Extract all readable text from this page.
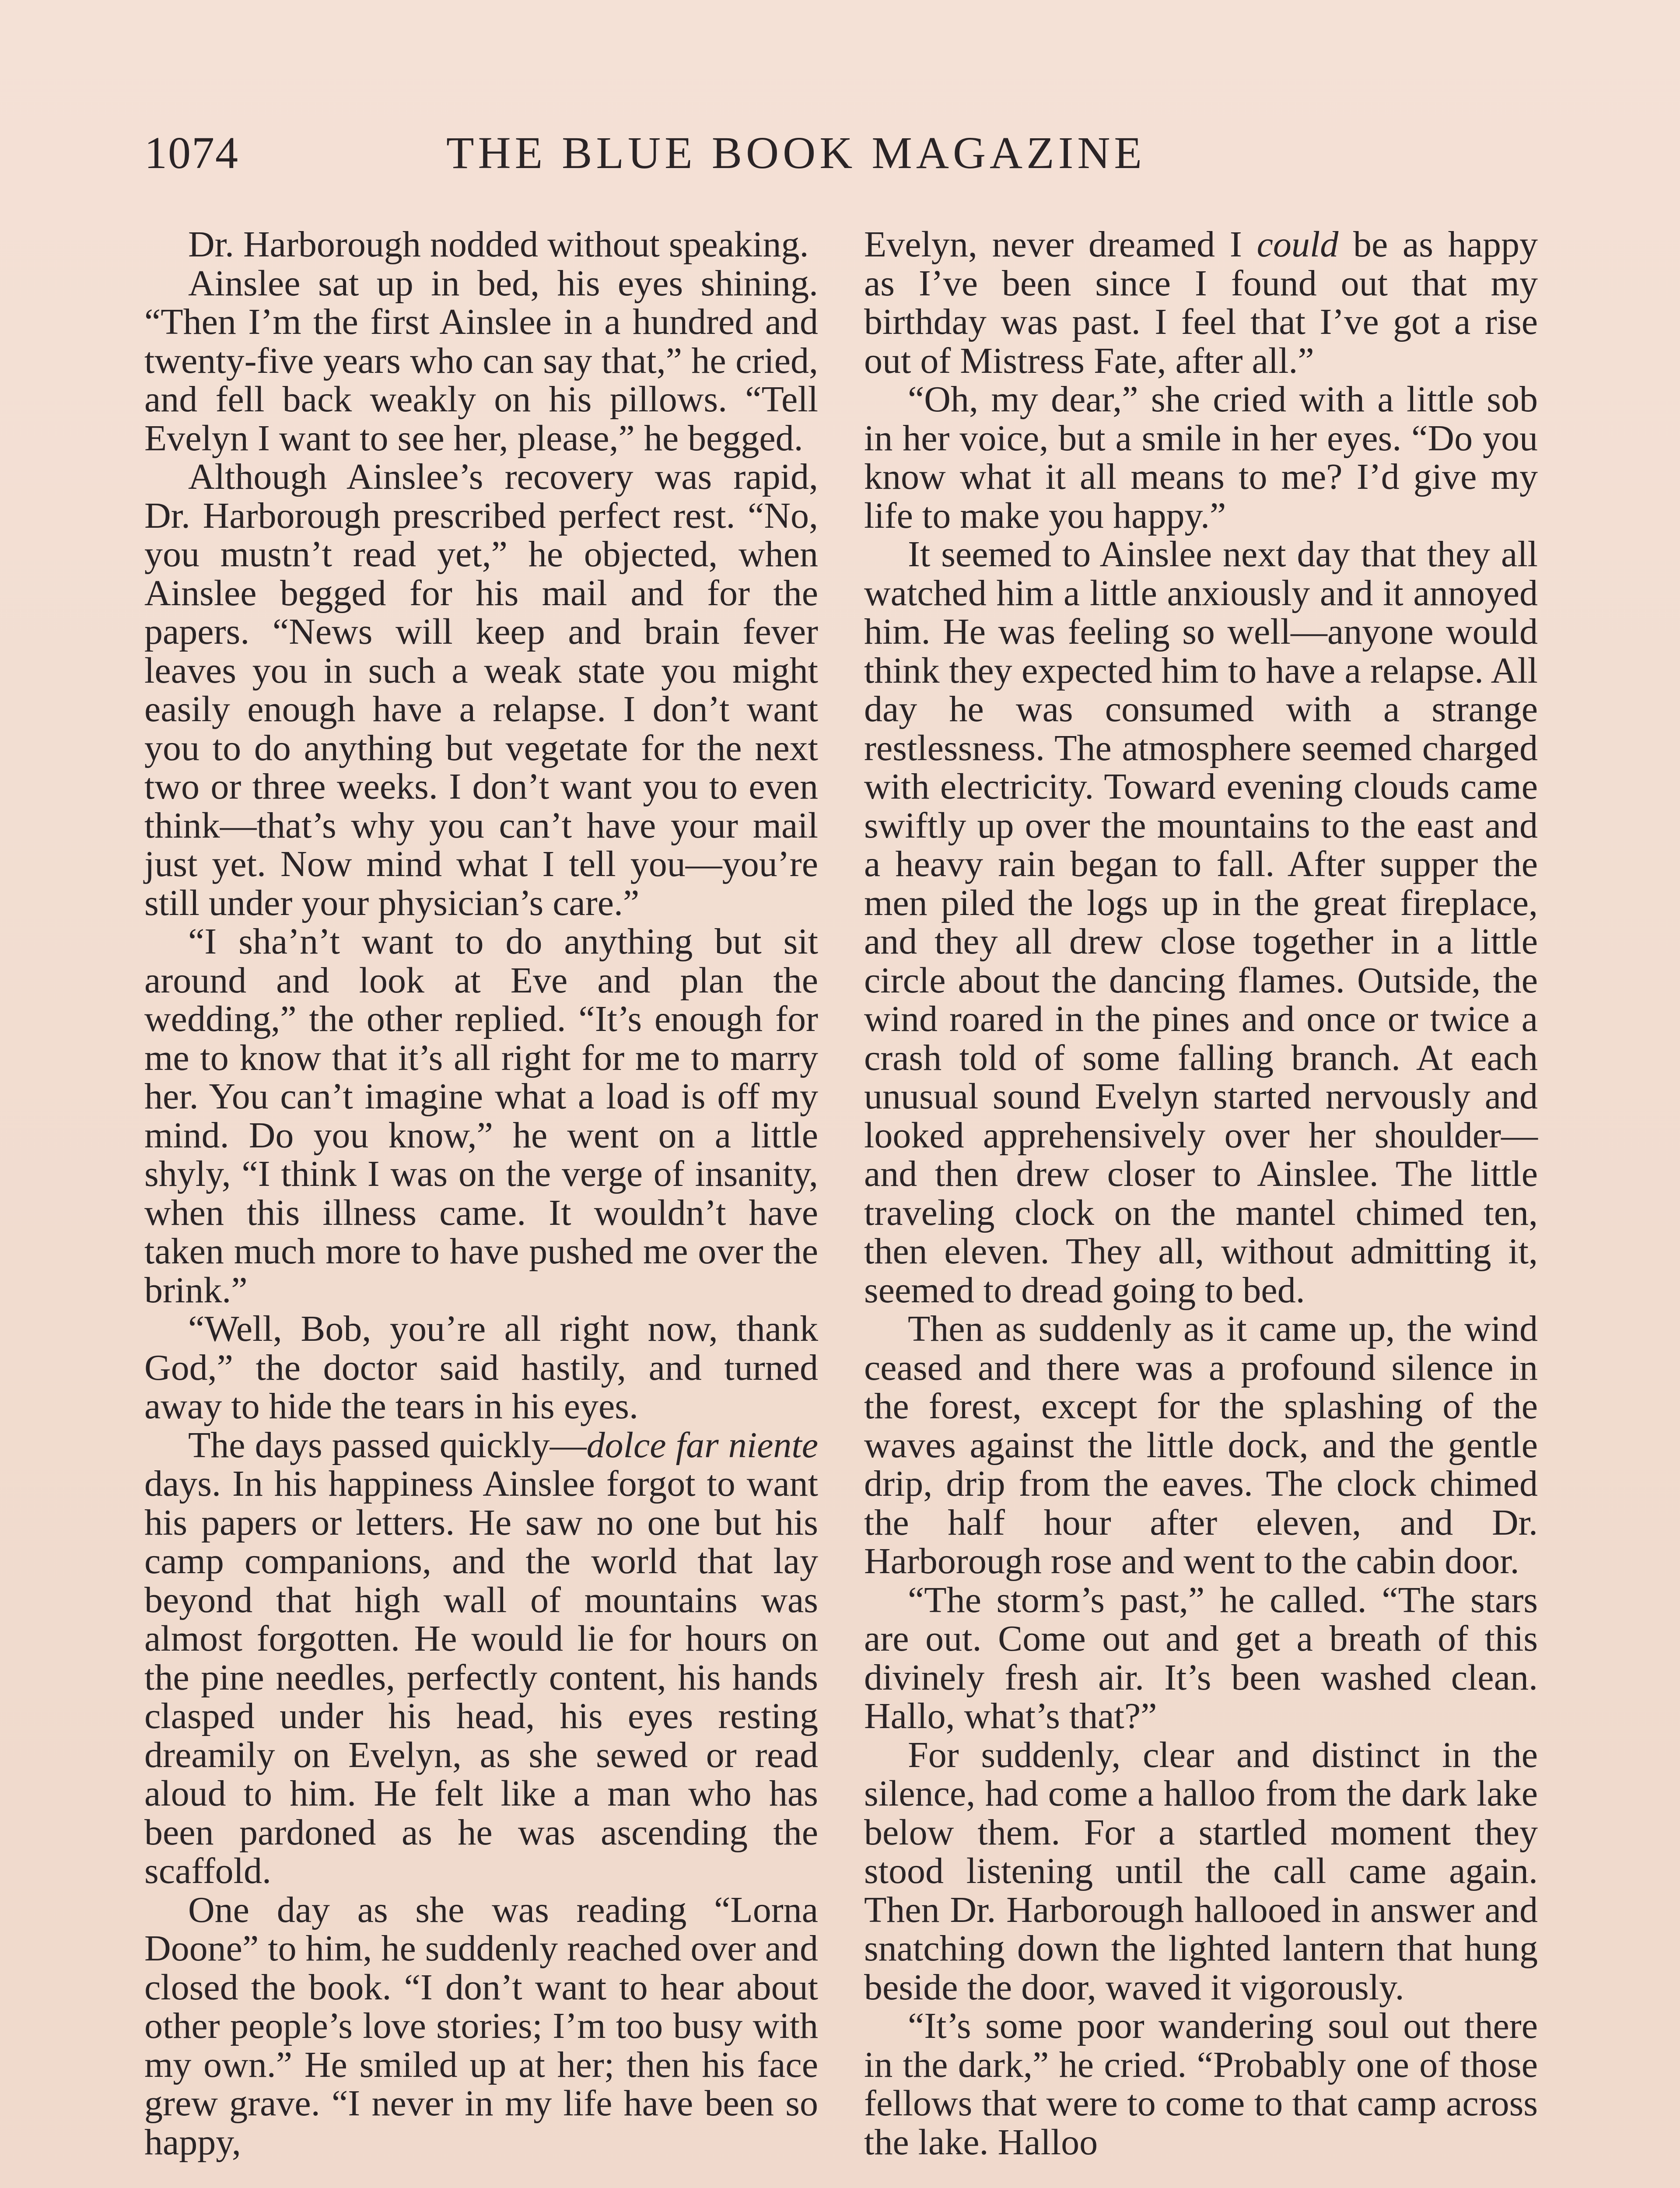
1074	THE BLUE BOOK MAGAZINE

Dr. Harborough nodded without speaking.

Ainslee sat up in bed, his eyes shining. “Then I’m the first Ainslee in a hundred and twenty-five years who can say that,” he cried, and fell back weakly on his pillows. “Tell Evelyn I want to see her, please,” he begged.

Although Ainslee’s recovery was rapid, Dr. Harborough prescribed perfect rest. “No, you mustn’t read yet,” he objected, when Ainslee begged for his mail and for the papers. “News will keep and brain fever leaves you in such a weak state you might easily enough have a relapse. I don’t want you to do anything but vegetate for the next two or three weeks. I don’t want you to even think—that’s why you can’t have your mail just yet. Now mind what I tell you—you’re still under your physician’s care.”

“I sha’n’t want to do anything but sit around and look at Eve and plan the wedding,” the other replied. “It’s enough for me to know that it’s all right for me to marry her. You can’t imagine what a load is off my mind. Do you know,” he went on a little shyly, “I think I was on the verge of insanity, when this illness came. It wouldn’t have taken much more to have pushed me over the brink.”

“Well, Bob, you’re all right now, thank God,” the doctor said hastily, and turned away to hide the tears in his eyes.

The days passed quickly—dolce far niente days. In his happiness Ainslee forgot to want his papers or letters. He saw no one but his camp companions, and the world that lay beyond that high wall of mountains was almost forgotten. He would lie for hours on the pine needles, perfectly content, his hands clasped under his head, his eyes resting dreamily on Evelyn, as she sewed or read aloud to him. He felt like a man who has been pardoned as he was ascending the scaffold.

One day as she was reading “Lorna Doone” to him, he suddenly reached over and closed the book. “I don’t want to hear about other people’s love stories; I’m too busy with my own.” He smiled up at her; then his face grew grave. “I never in my life have been so happy,

Evelyn, never dreamed I could be as happy as I’ve been since I found out that my birthday was past. I feel that I’ve got a rise out of Mistress Fate, after all.”

“Oh, my dear,” she cried with a little sob in her voice, but a smile in her eyes. “Do you know what it all means to me? I’d give my life to make you happy.”

It seemed to Ainslee next day that they all watched him a little anxiously and it annoyed him. He was feeling so well—anyone would think they expected him to have a relapse. All day he was consumed with a strange restlessness. The atmosphere seemed charged with electricity. Toward evening clouds came swiftly up over the mountains to the east and a heavy rain began to fall. After supper the men piled the logs up in the great fireplace, and they all drew close together in a little circle about the dancing flames. Outside, the wind roared in the pines and once or twice a crash told of some falling branch. At each unusual sound Evelyn started nervously and looked apprehensively over her shoulder—and then drew closer to Ainslee. The little traveling clock on the mantel chimed ten, then eleven. They all, without admitting it, seemed to dread going to bed.

Then as suddenly as it came up, the wind ceased and there was a profound silence in the forest, except for the splashing of the waves against the little dock, and the gentle drip, drip from the eaves. The clock chimed the half hour after eleven, and Dr. Harborough rose and went to the cabin door.

“The storm’s past,” he called. “The stars are out. Come out and get a breath of this divinely fresh air. It’s been washed clean. Hallo, what’s that?”

For suddenly, clear and distinct in the silence, had come a halloo from the dark lake below them. For a startled moment they stood listening until the call came again. Then Dr. Harborough hallooed in answer and snatching down the lighted lantern that hung beside the door, waved it vigorously.

“It’s some poor wandering soul out there in the dark,” he cried. “Probably one of those fellows that were to come to that camp across the lake. Halloo
